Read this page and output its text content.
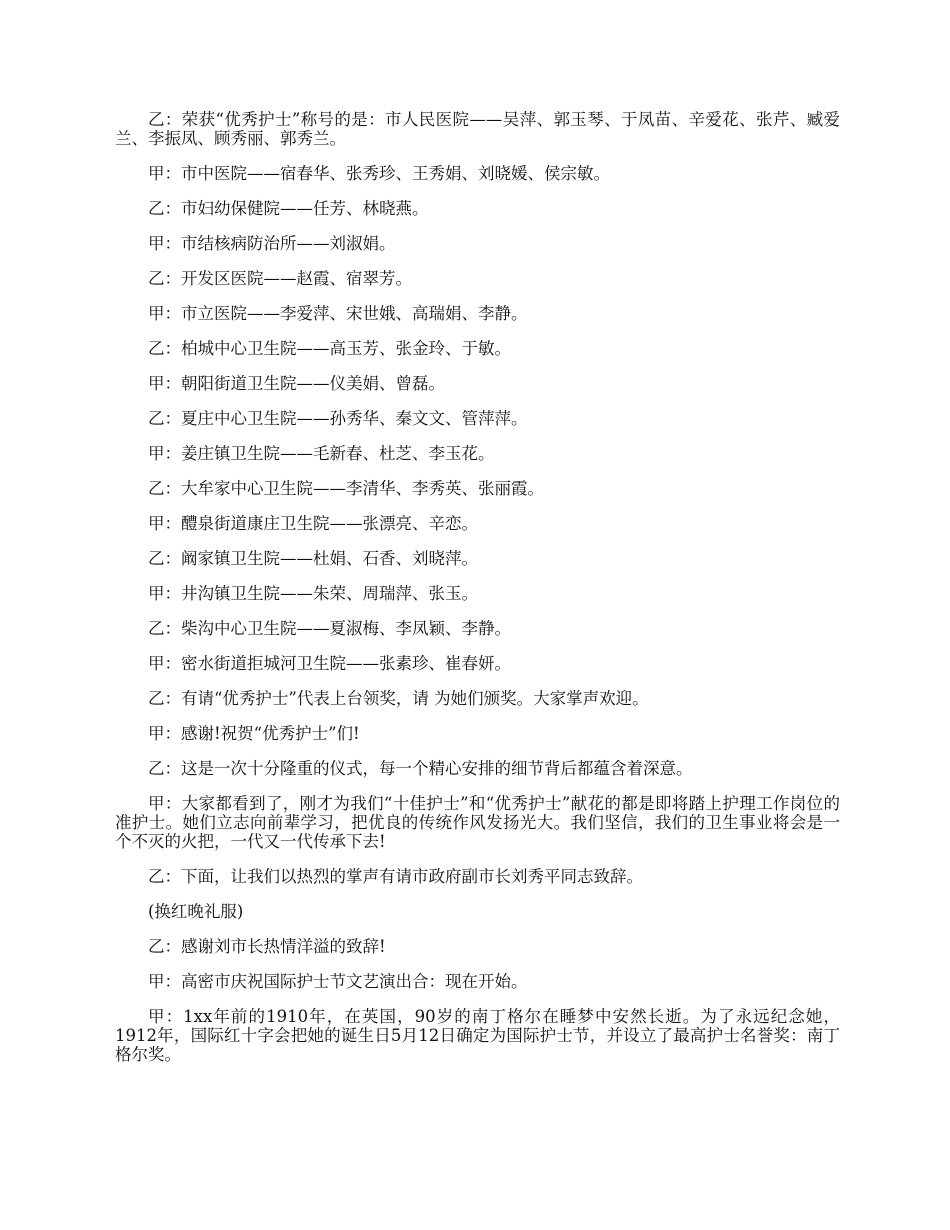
乙：荣获“优秀护士”称号的是：市人民医院——吴萍、郭玉琴、于凤苗、辛爱花、张芹、臧爱兰、李振凤、顾秀丽、郭秀兰。

甲：市中医院——宿春华、张秀珍、王秀娟、刘晓媛、侯宗敏。

乙：市妇幼保健院——任芳、林晓燕。

甲：市结核病防治所——刘淑娟。

乙：开发区医院——赵霞、宿翠芳。

甲：市立医院——李爱萍、宋世娥、高瑞娟、李静。

乙：柏城中心卫生院——高玉芳、张金玲、于敏。

甲：朝阳街道卫生院——仪美娟、曾磊。

乙：夏庄中心卫生院——孙秀华、秦文文、管萍萍。

甲：姜庄镇卫生院——毛新春、杜芝、李玉花。

乙：大牟家中心卫生院——李清华、李秀英、张丽霞。

甲：醴泉街道康庄卫生院——张漂亮、辛恋。

乙：阚家镇卫生院——杜娟、石香、刘晓萍。

甲：井沟镇卫生院——朱荣、周瑞萍、张玉。

乙：柴沟中心卫生院——夏淑梅、李凤颖、李静。

甲：密水街道拒城河卫生院——张素珍、崔春妍。

乙：有请“优秀护士”代表上台领奖，请 为她们颁奖。大家掌声欢迎。

甲：感谢!祝贺“优秀护士”们!

乙：这是一次十分隆重的仪式，每一个精心安排的细节背后都蕴含着深意。

甲：大家都看到了，刚才为我们“十佳护士”和“优秀护士”献花的都是即将踏上护理工作岗位的准护士。她们立志向前辈学习，把优良的传统作风发扬光大。我们坚信，我们的卫生事业将会是一个不灭的火把，一代又一代传承下去!

乙：下面，让我们以热烈的掌声有请市政府副市长刘秀平同志致辞。

(换红晚礼服)

乙：感谢刘市长热情洋溢的致辞!

甲：高密市庆祝国际护士节文艺演出合：现在开始。

甲：1xx年前的1910年，在英国，90岁的南丁格尔在睡梦中安然长逝。为了永远纪念她，1912年，国际红十字会把她的诞生日5月12日确定为国际护士节，并设立了最高护士名誉奖：南丁格尔奖。
